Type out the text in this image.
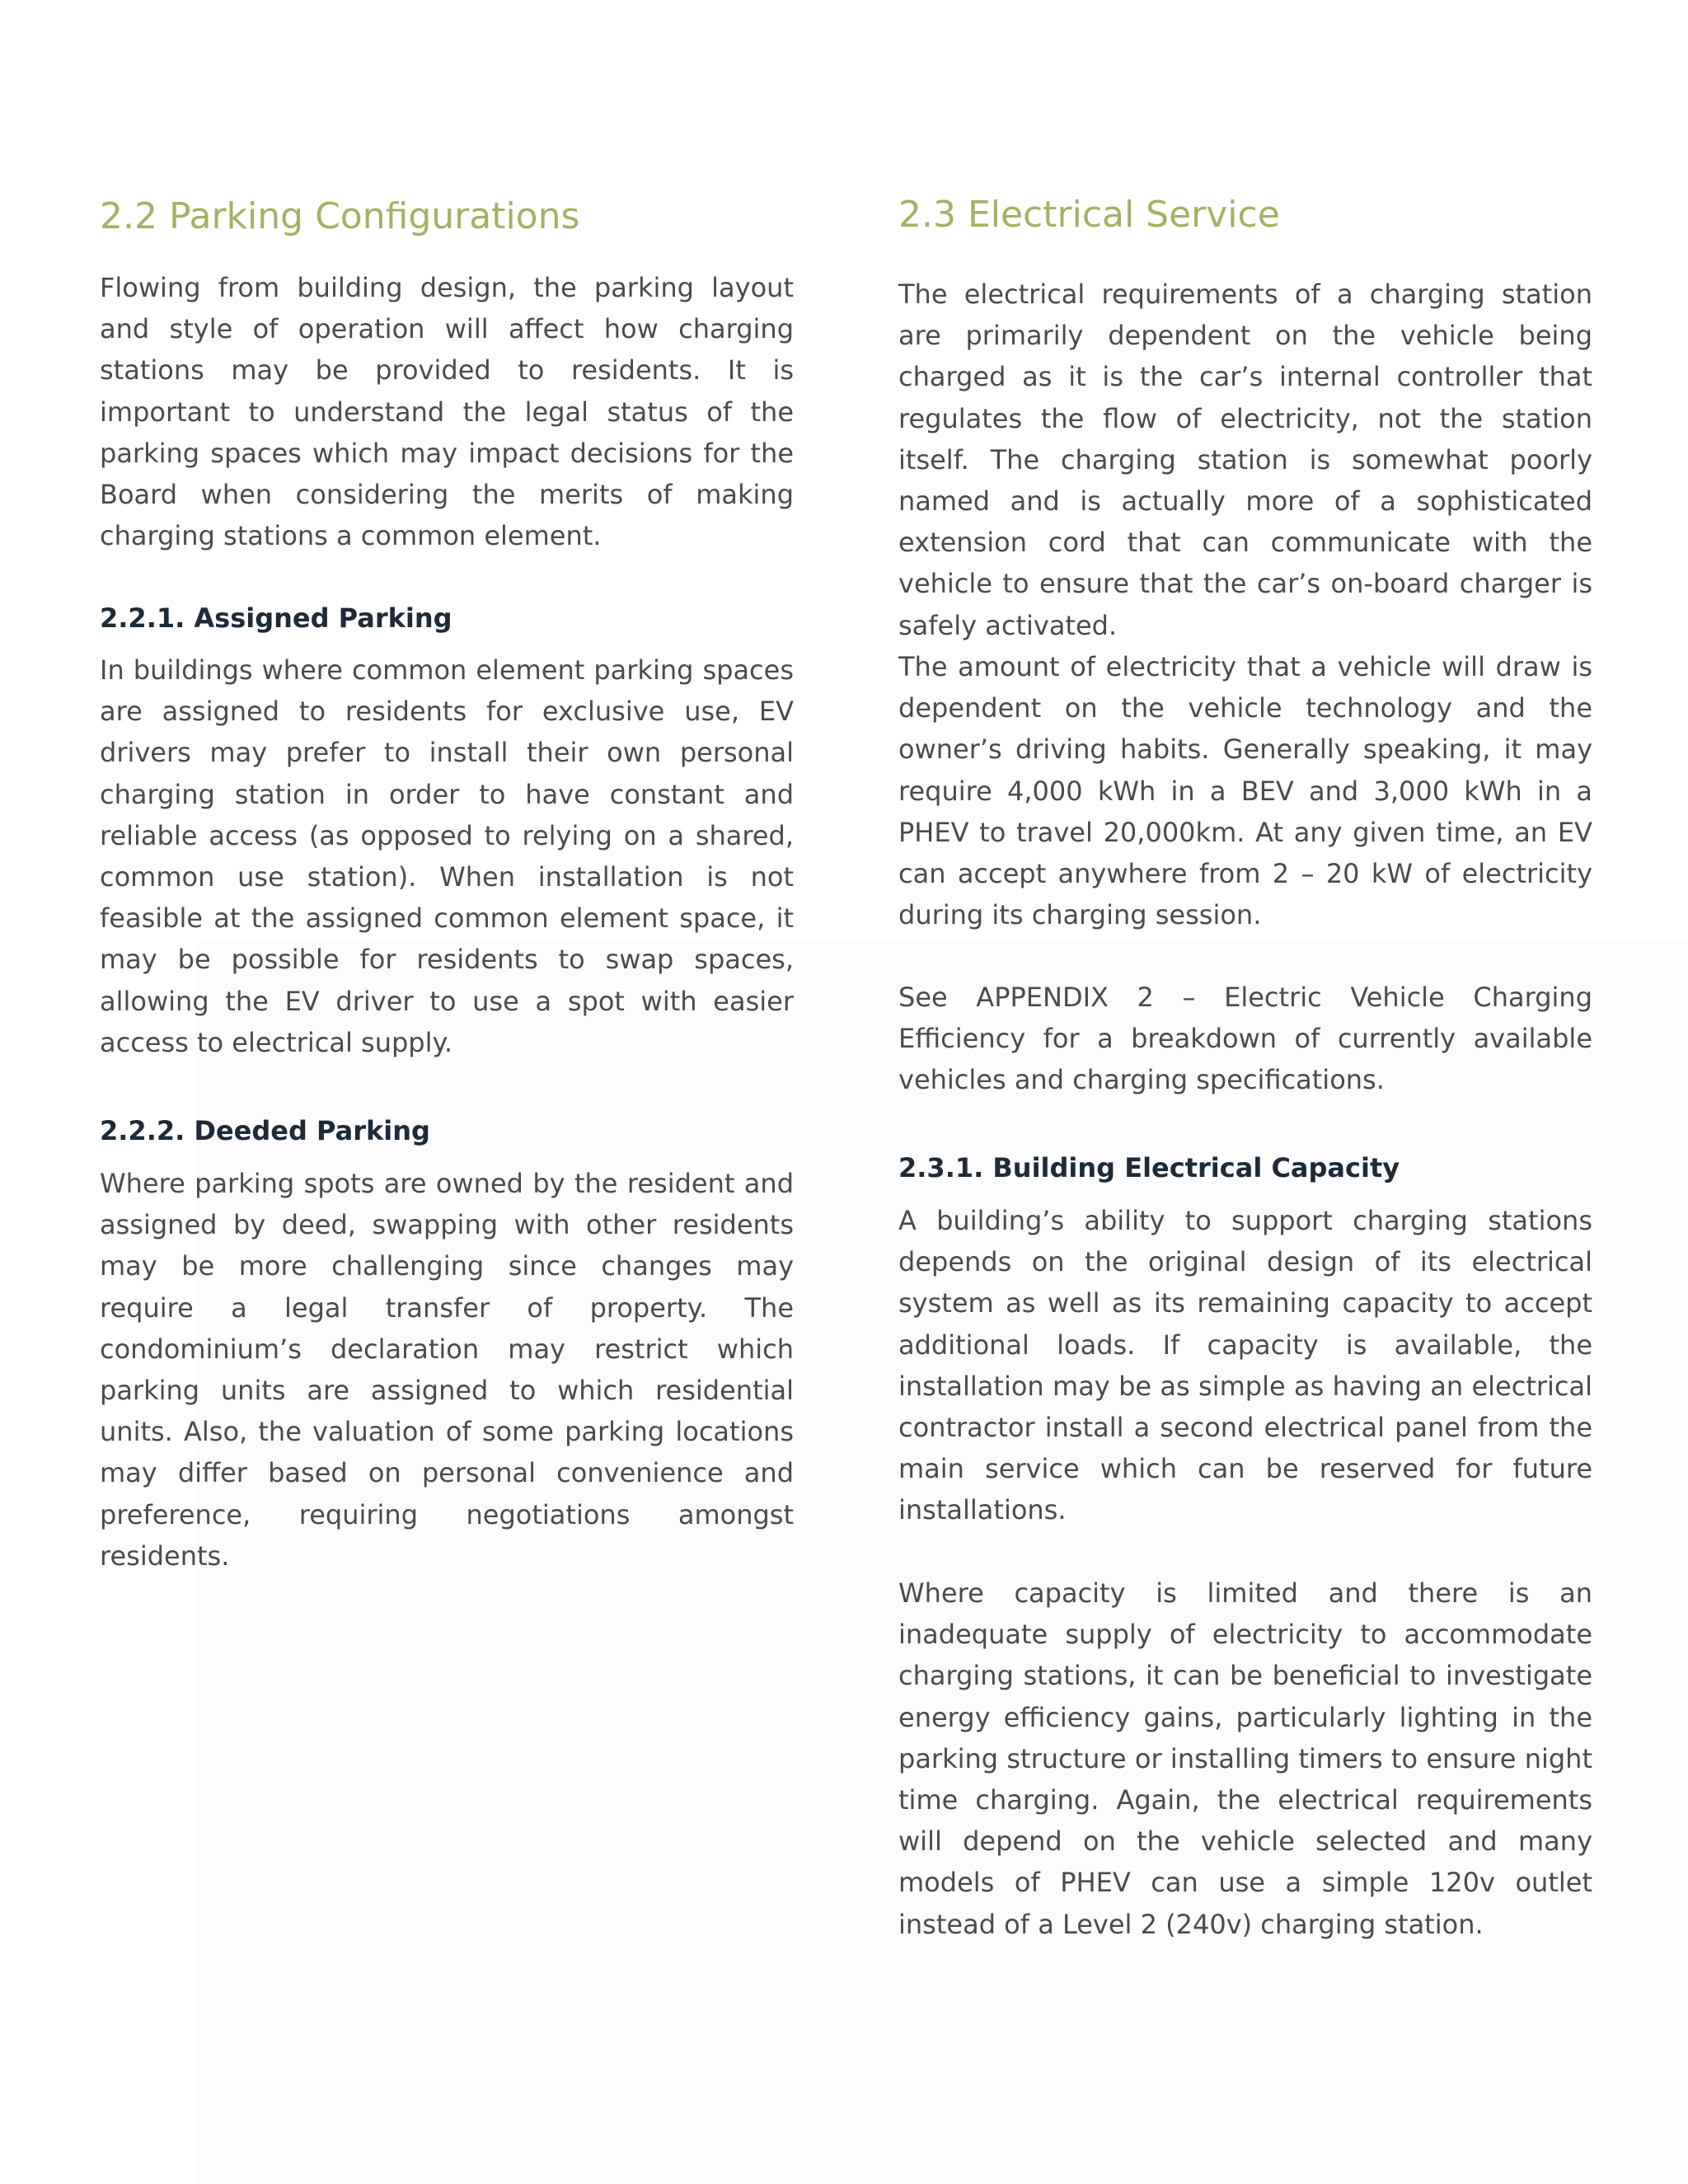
2.2 Parking Configurations

Flowing from building design, the parking layout and style of operation will affect how charging stations may be provided to residents. It is important to understand the legal status of the parking spaces which may impact decisions for the Board when considering the merits of making charging stations a common element.

2.2.1. Assigned Parking

In buildings where common element parking spaces are assigned to residents for exclusive use, EV drivers may prefer to install their own personal charging station in order to have constant and reliable access (as opposed to relying on a shared, common use station). When installation is not feasible at the assigned common element space, it may be possible for residents to swap spaces, allowing the EV driver to use a spot with easier access to electrical supply.

2.2.2. Deeded Parking

Where parking spots are owned by the resident and assigned by deed, swapping with other residents may be more challenging since changes may require a legal transfer of property. The condominium’s declaration may restrict which parking units are assigned to which residential units. Also, the valuation of some parking locations may differ based on personal convenience and preference, requiring negotiations amongst residents.

2.3 Electrical Service

The electrical requirements of a charging station are primarily dependent on the vehicle being charged as it is the car’s internal controller that regulates the flow of electricity, not the station itself. The charging station is somewhat poorly named and is actually more of a sophisticated extension cord that can communicate with the vehicle to ensure that the car’s on-board charger is safely activated.

The amount of electricity that a vehicle will draw is dependent on the vehicle technology and the owner’s driving habits. Generally speaking, it may require 4,000 kWh in a BEV and 3,000 kWh in a PHEV to travel 20,000km. At any given time, an EV can accept anywhere from 2 – 20 kW of electricity during its charging session.

See APPENDIX 2 – Electric Vehicle Charging Efficiency for a breakdown of currently available vehicles and charging specifications.

2.3.1. Building Electrical Capacity

A building’s ability to support charging stations depends on the original design of its electrical system as well as its remaining capacity to accept additional loads. If capacity is available, the installation may be as simple as having an electrical contractor install a second electrical panel from the main service which can be reserved for future installations.

Where capacity is limited and there is an inadequate supply of electricity to accommodate charging stations, it can be beneficial to investigate energy efficiency gains, particularly lighting in the parking structure or installing timers to ensure night time charging. Again, the electrical requirements will depend on the vehicle selected and many models of PHEV can use a simple 120v outlet instead of a Level 2 (240v) charging station.
